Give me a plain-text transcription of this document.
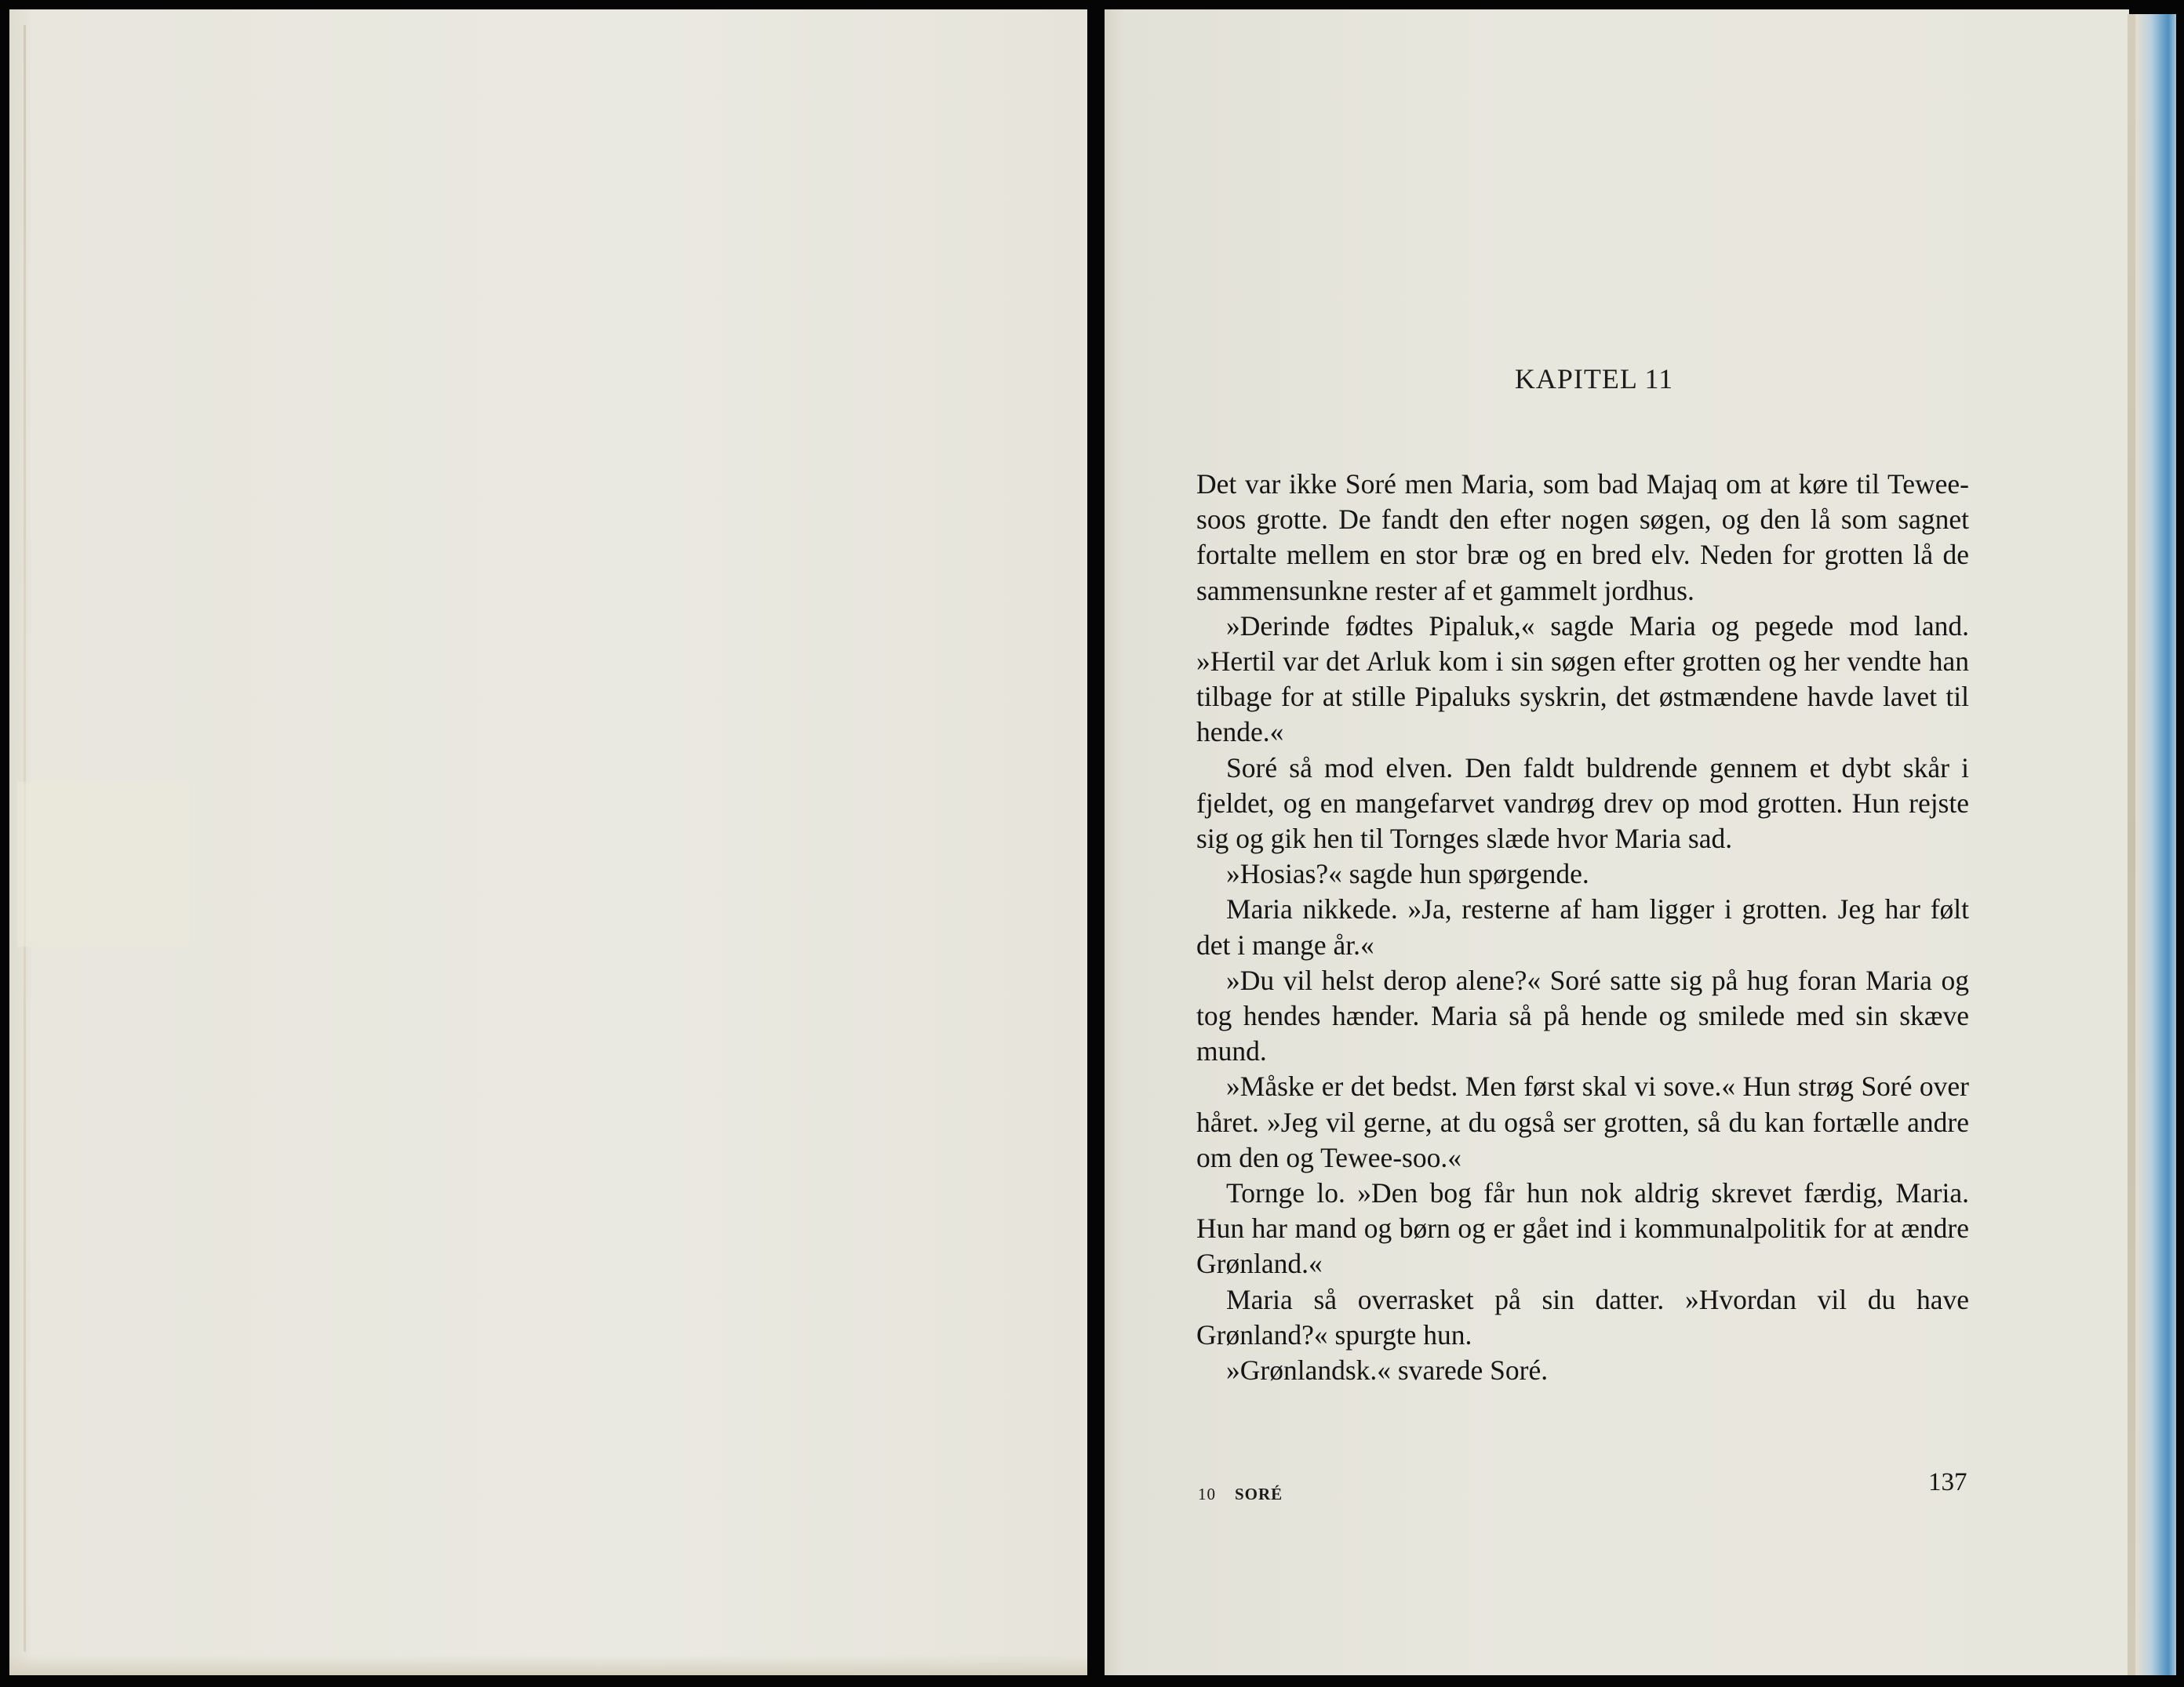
KAPITEL 11

Det var ikke Soré men Maria, som bad Majaq om at køre til Tewee-soos grotte. De fandt den efter nogen søgen, og den lå som sagnet fortalte mellem en stor bræ og en bred elv. Neden for grotten lå de sammensunkne rester af et gammelt jordhus.

»Derinde fødtes Pipaluk,« sagde Maria og pegede mod land. »Hertil var det Arluk kom i sin søgen efter grotten og her vendte han tilbage for at stille Pipaluks syskrin, det østmændene havde lavet til hende.«

Soré så mod elven. Den faldt buldrende gennem et dybt skår i fjeldet, og en mangefarvet vandrøg drev op mod grotten. Hun rejste sig og gik hen til Tornges slæde hvor Maria sad.

»Hosias?« sagde hun spørgende.

Maria nikkede. »Ja, resterne af ham ligger i grotten. Jeg har følt det i mange år.«

»Du vil helst derop alene?« Soré satte sig på hug foran Maria og tog hendes hænder. Maria så på hende og smilede med sin skæve mund.

»Måske er det bedst. Men først skal vi sove.« Hun strøg Soré over håret. »Jeg vil gerne, at du også ser grotten, så du kan fortælle andre om den og Tewee-soo.«

Tornge lo. »Den bog får hun nok aldrig skrevet færdig, Maria. Hun har mand og børn og er gået ind i kommunalpolitik for at ændre Grønland.«

Maria så overrasket på sin datter. »Hvordan vil du have Grønland?« spurgte hun.

»Grønlandsk.« svarede Soré.

10 SORÉ	137
